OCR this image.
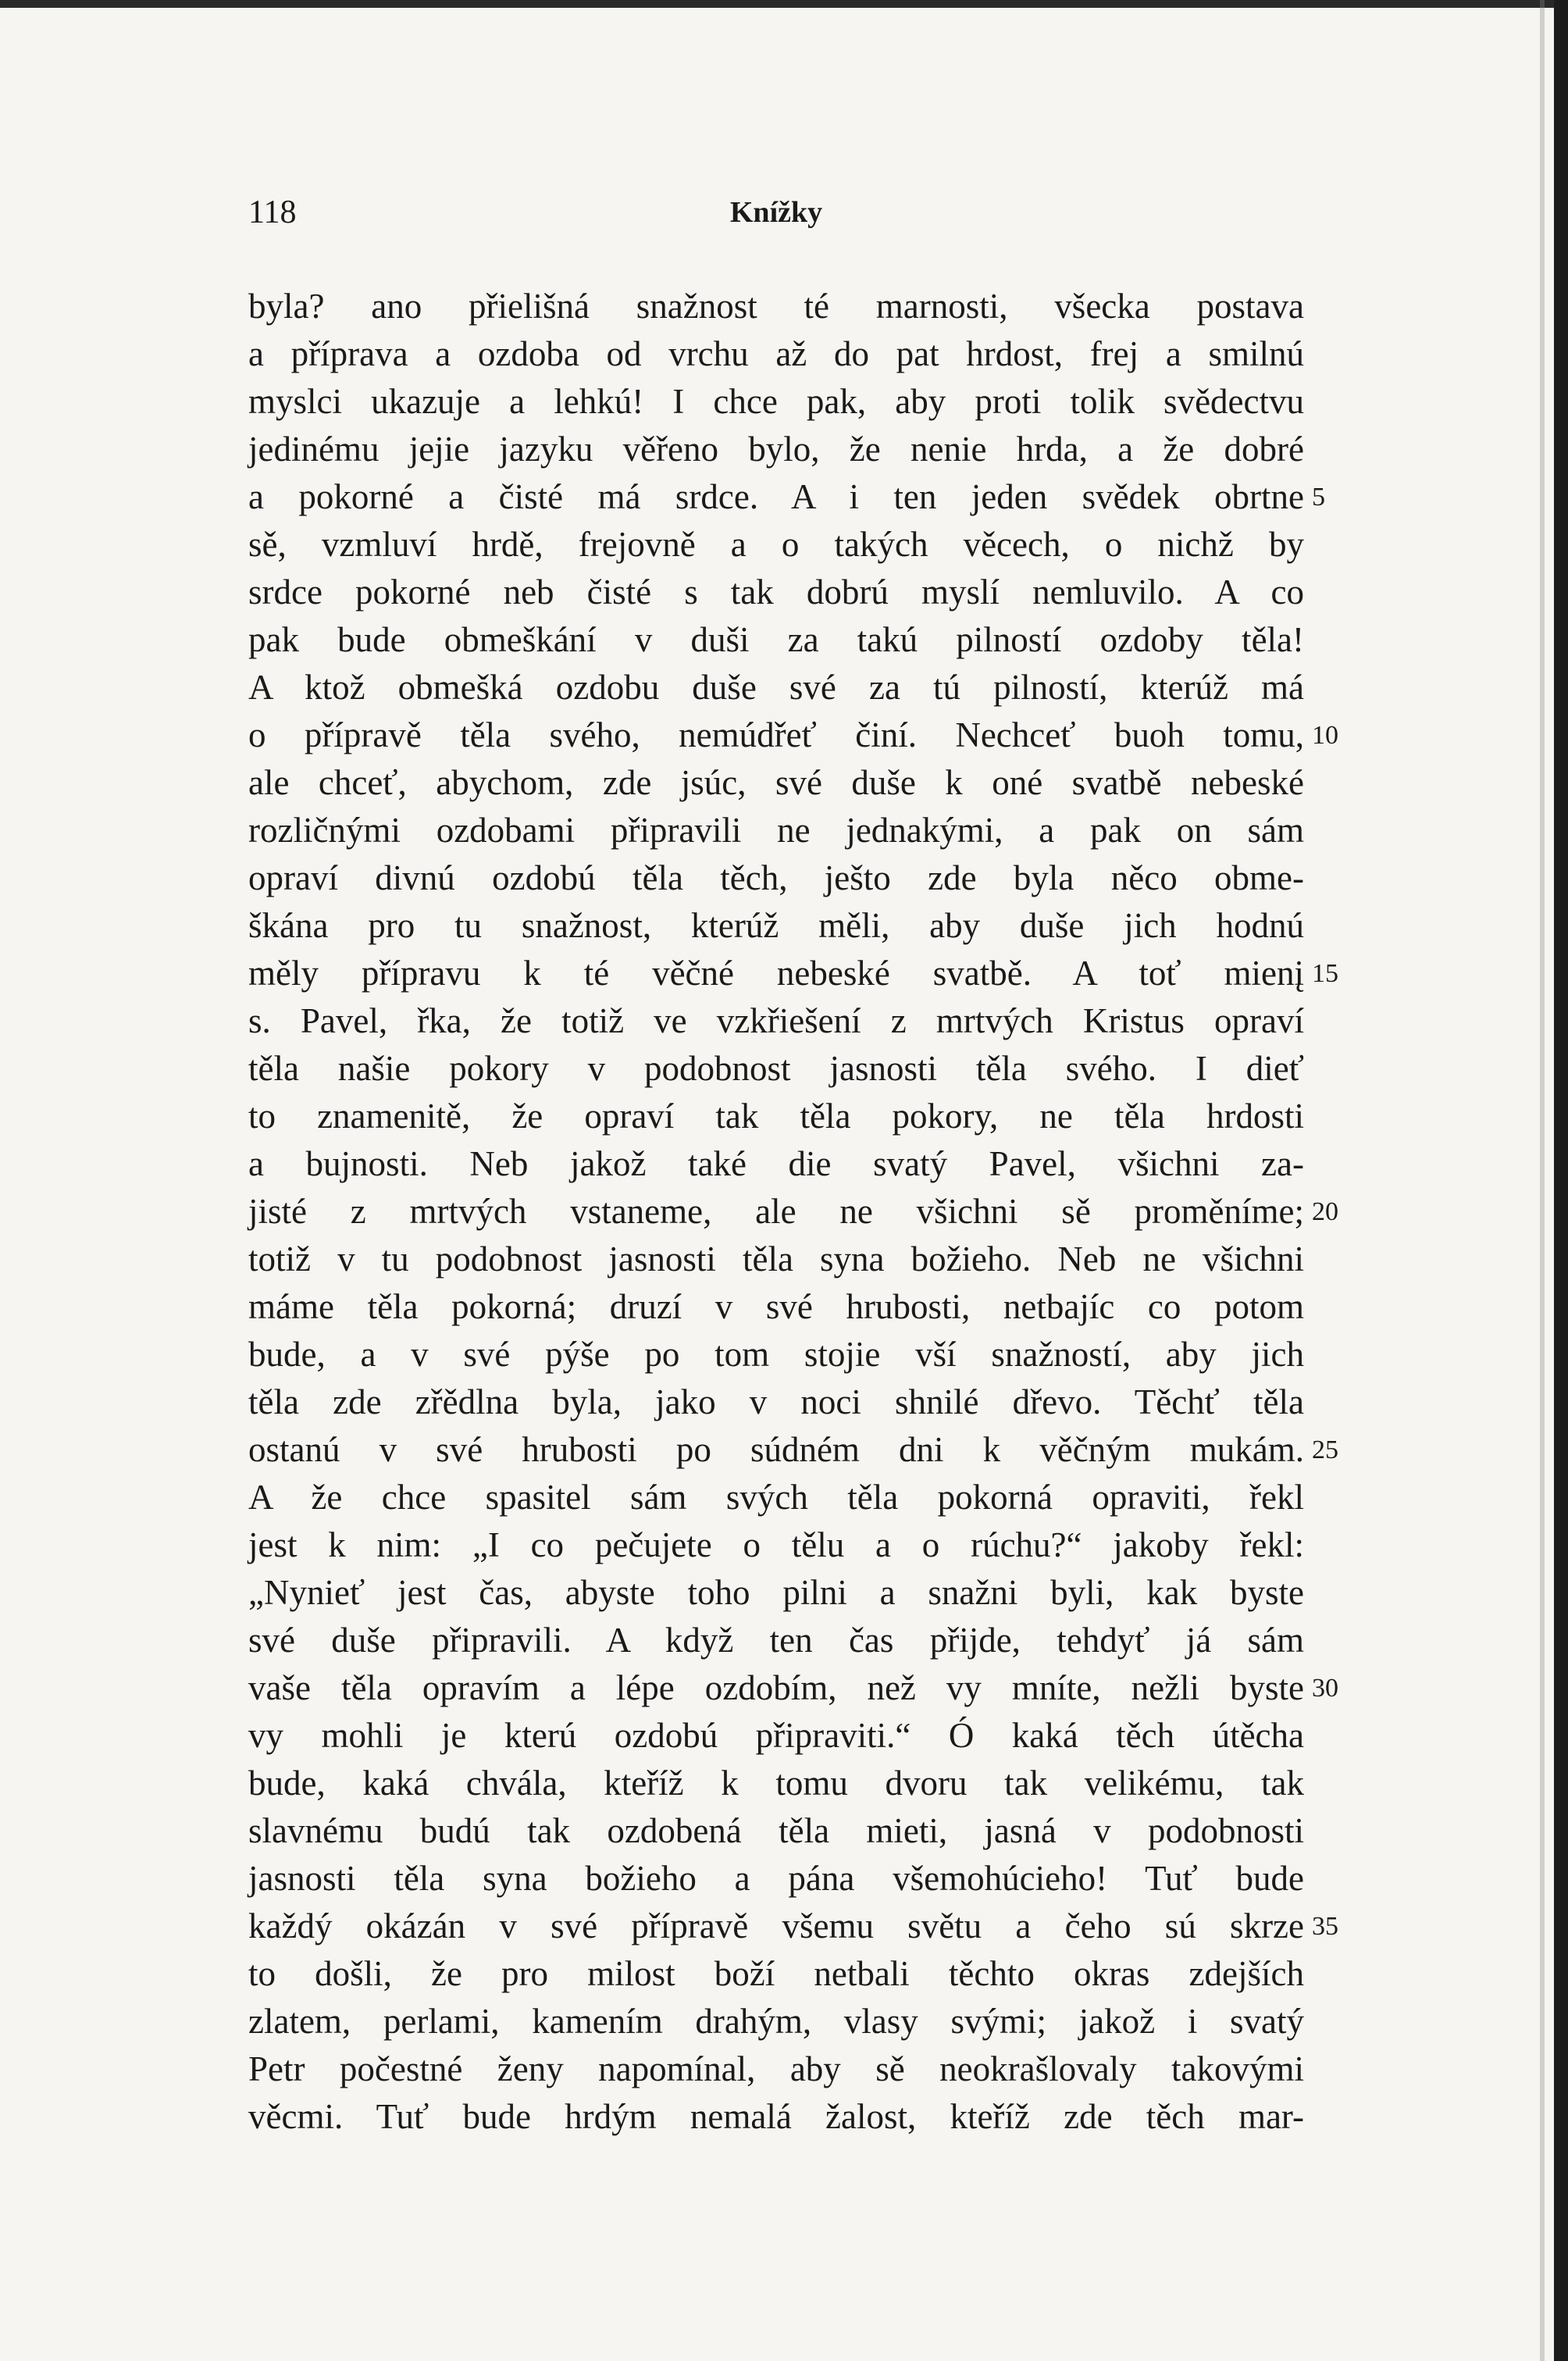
118	Knížky
byla? ano přielišná snažnost té marnosti, všecka postava
a příprava a ozdoba od vrchu až do pat hrdost, frej a smilnú
myslci ukazuje a lehkú! I chce pak, aby proti tolik svědectvu
jedinému jejie jazyku věřeno bylo, že nenie hrda, a že dobré
a pokorné a čisté má srdce. A i ten jeden svědek obrtne
sě, vzmluví hrdě, frejovně a o takých věcech, o nichž by
srdce pokorné neb čisté s tak dobrú myslí nemluvilo. A co
pak bude obmeškání v duši za takú pilností ozdoby těla!
A ktož obmešká ozdobu duše své za tú pilností, kterúž má
o přípravě těla svého, nemúdřeť činí. Nechceť buoh tomu,
ale chceť, abychom, zde jsúc, své duše k oné svatbě nebeské
rozličnými ozdobami připravili ne jednakými, a pak on sám
opraví divnú ozdobú těla těch, ješto zde byla něco obme-
škána pro tu snažnost, kterúž měli, aby duše jich hodnú
měly přípravu k té věčné nebeské svatbě. A toť mienį
s. Pavel, řka, že totiž ve vzkřiešení z mrtvých Kristus opraví
těla našie pokory v podobnost jasnosti těla svého. I dieť
to znamenitě, že opraví tak těla pokory, ne těla hrdosti
a bujnosti. Neb jakož také die svatý Pavel, všichni za-
jisté z mrtvých vstaneme, ale ne všichni sě proměníme;
totiž v tu podobnost jasnosti těla syna božieho. Neb ne všichni
máme těla pokorná; druzí v své hrubosti, netbajíc co potom
bude, a v své pýše po tom stojie vší snažností, aby jich
těla zde zřědlna byla, jako v noci shnilé dřevo. Těchť těla
ostanú v své hrubosti po súdném dni k věčným mukám.
A že chce spasitel sám svých těla pokorná opraviti, řekl
jest k nim: „I co pečujete o tělu a o rúchu?“ jakoby řekl:
„Nynieť jest čas, abyste toho pilni a snažni byli, kak byste
své duše připravili. A když ten čas přijde, tehdyť já sám
vaše těla opravím a lépe ozdobím, než vy mníte, nežli byste
vy mohli je kterú ozdobú připraviti.“ Ó kaká těch útěcha
bude, kaká chvála, kteříž k tomu dvoru tak velikému, tak
slavnému budú tak ozdobená těla mieti, jasná v podobnosti
jasnosti těla syna božieho a pána všemohúcieho! Tuť bude
každý okázán v své přípravě všemu světu a čeho sú skrze
to došli, že pro milost boží netbali těchto okras zdejších
zlatem, perlami, kamením drahým, vlasy svými; jakož i svatý
Petr počestné ženy napomínal, aby sě neokrašlovaly takovými
věcmi. Tuť bude hrdým nemalá žalost, kteříž zde těch mar-
5
10
15
20
25
30
35
